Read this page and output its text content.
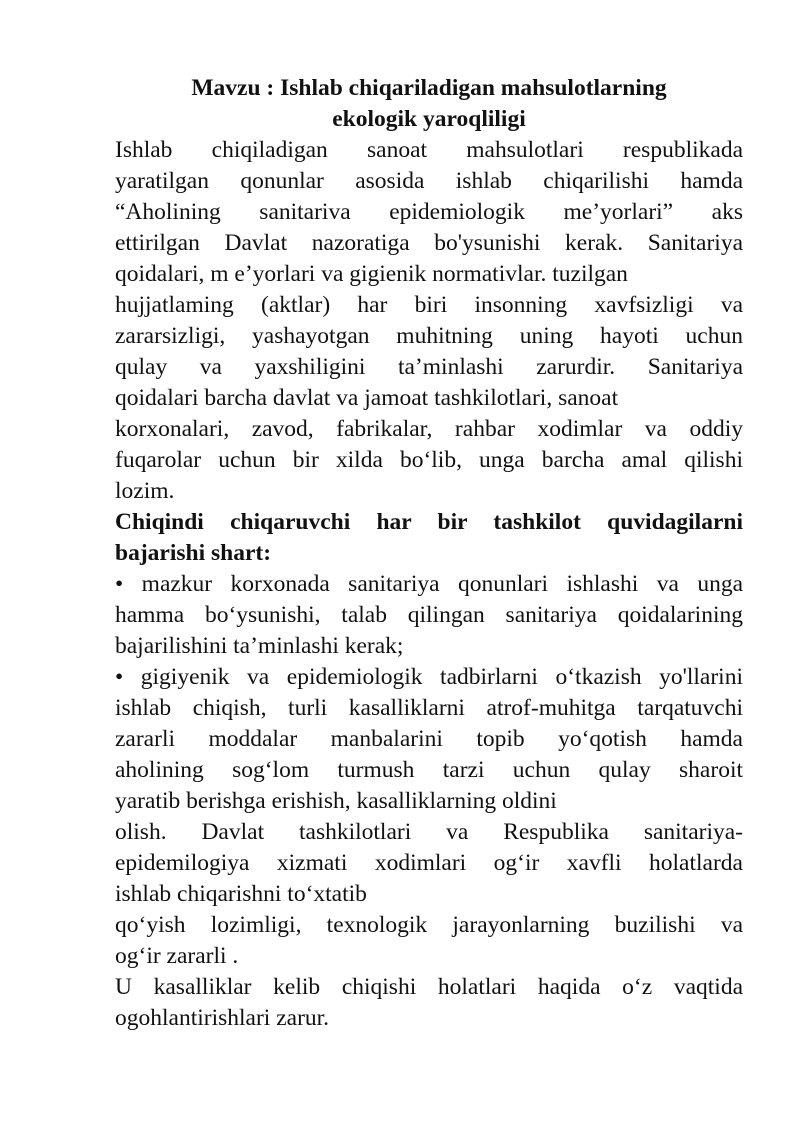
Mavzu : Ishlab chiqariladigan mahsulotlarning
ekologik yaroqliligi

Ishlab chiqiladigan sanoat mahsulotlari respublikada
yaratilgan qonunlar asosida ishlab chiqarilishi hamda
“Aholining sanitariva epidemiologik me’yorlari” aks
ettirilgan Davlat nazoratiga bo'ysunishi kerak. Sanitariya
qoidalari, m e’yorlari va gigienik normativlar. tuzilgan
hujjatlaming (aktlar) har biri insonning xavfsizligi va
zararsizligi, yashayotgan muhitning uning hayoti uchun
qulay va yaxshiligini ta’minlashi zarurdir. Sanitariya
qoidalari barcha davlat va jamoat tashkilotlari, sanoat
korxonalari, zavod, fabrikalar, rahbar xodimlar va oddiy
fuqarolar uchun bir xilda bo‘lib, unga barcha amal qilishi
lozim.

Chiqindi chiqaruvchi har bir tashkilot quvidagilarni
bajarishi shart:

• mazkur korxonada sanitariya qonunlari ishlashi va unga
hamma bo‘ysunishi, talab qilingan sanitariya qoidalarining
bajarilishini ta’minlashi kerak;

• gigiyenik va epidemiologik tadbirlarni o‘tkazish yo'llarini
ishlab chiqish, turli kasalliklarni atrof-muhitga tarqatuvchi
zararli moddalar manbalarini topib yo‘qotish hamda
aholining sog‘lom turmush tarzi uchun qulay sharoit
yaratib berishga erishish, kasalliklarning oldini

olish. Davlat tashkilotlari va Respublika sanitariya-
epidemilogiya xizmati xodimlari og‘ir xavfli holatlarda
ishlab chiqarishni to‘xtatib

qo‘yish lozimligi, texnologik jarayonlarning buzilishi va
og‘ir zararli .

U kasalliklar kelib chiqishi holatlari haqida o‘z vaqtida
ogohlantirishlari zarur.
